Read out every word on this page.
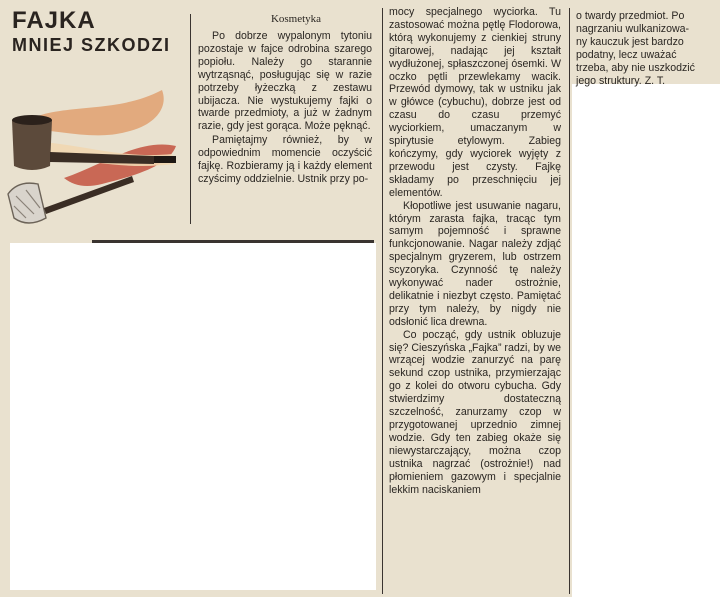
FAJKA
MNIEJ SZKODZI
Kosmetyka

Po dobrze wypalonym tytoniu pozostaje w fajce odrobina szarego popiołu. Należy go starannie wytrząsnąć, posługując się w razie potrzeby łyżeczką z zestawu ubijacza. Nie wystukujemy fajki o twarde przedmioty, a już w żadnym razie, gdy jest gorąca. Może pęknąć.

Pamiętajmy również, by w odpowiednim momencie oczyścić fajkę. Rozbieramy ją i każdy element czyścimy oddzielnie. Ustnik przy po-

mocy specjalnego wyciorka. Tu zastosować można pętlę Flodorowa, którą wykonujemy z cienkiej struny gitarowej, nadając jej kształt wydłużonej, spłaszczonej ósemki. W oczko pętli przewlekamy wacik. Przewód dymowy, tak w ustniku jak w główce (cybuchu), dobrze jest od czasu do czasu przemyć wyciorkiem, umaczanym w spirytusie etylowym. Zabieg kończymy, gdy wyciorek wyjęty z przewodu jest czysty. Fajkę składamy po przeschnięciu jej elementów.

Kłopotliwe jest usuwanie nagaru, którym zarasta fajka, tracąc tym samym pojemność i sprawne funkcjonowanie. Nagar należy zdjąć specjalnym gryzerem, lub ostrzem scyzoryka. Czynność tę należy wykonywać nader ostrożnie, delikatnie i niezbyt często. Pamiętać przy tym należy, by nigdy nie odsłonić lica drewna.

Co począć, gdy ustnik obluzuje się? Cieszyńska „Fajka” radzi, by we wrzącej wodzie zanurzyć na parę sekund czop ustnika, przymierzając go z kolei do otworu cybucha. Gdy stwierdzimy dostateczną szczelność, zanurzamy czop w przygotowanej uprzednio zimnej wodzie. Gdy ten zabieg okaże się niewystarczający, można czop ustnika nagrzać (ostrożnie!) nad płomieniem gazowym i specjalnie lekkim naciskaniem

o twardy przedmiot. Po
nagrzaniu wulkanizowa-
ny kauczuk jest bardzo
podatny, lecz uważać
trzeba, aby nie uszkodzić
jego struktury. Z. T.
